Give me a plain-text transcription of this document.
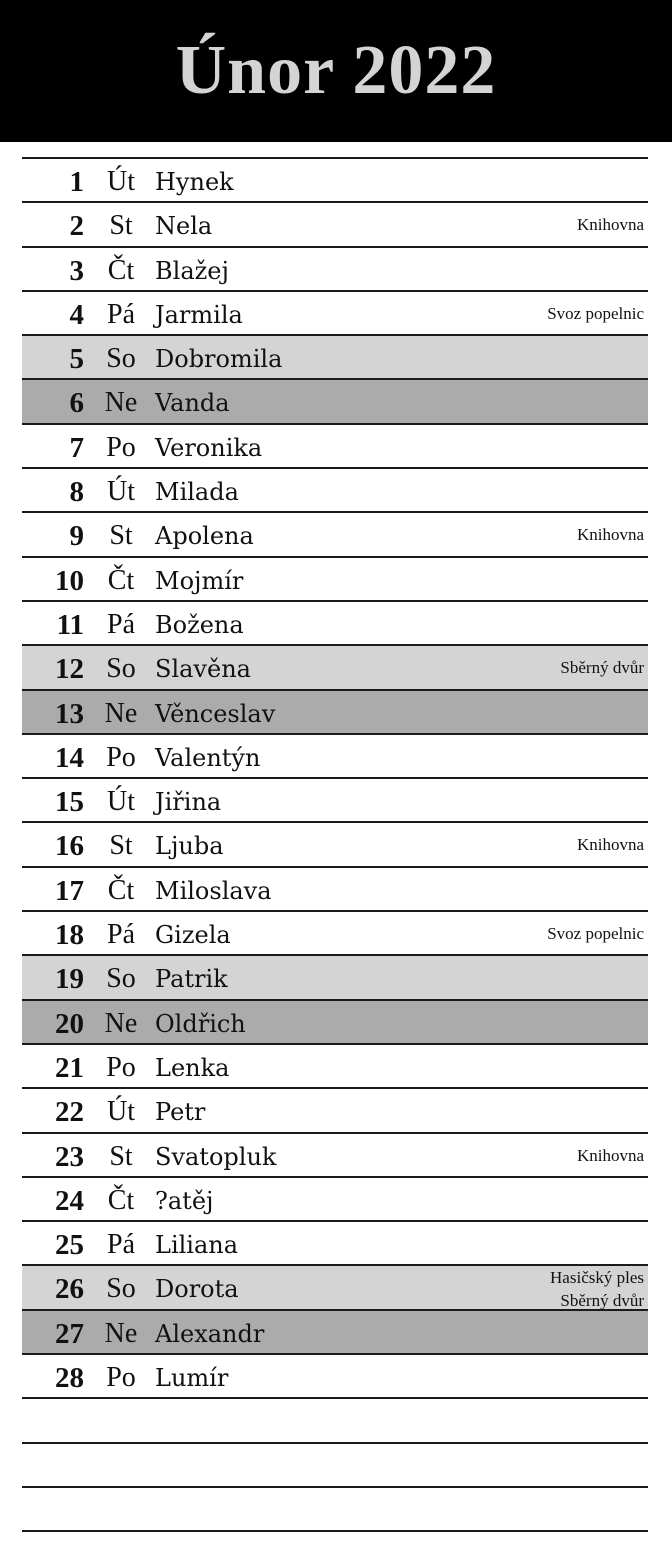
Únor 2022
1 Út Hynek
2 St Nela	Knihovna
3 Čt Blažej
4 Pá Jarmila	Svoz popelnic
5 So Dobromila
6 Ne Vanda
7 Po Veronika
8 Út Milada
9 St Apolena	Knihovna
10 Čt Mojmír
11 Pá Božena
12 So Slavěna	Sběrný dvůr
13 Ne Věnceslav
14 Po Valentýn
15 Út Jiřina
16 St Ljuba	Knihovna
17 Čt Miloslava
18 Pá Gizela	Svoz popelnic
19 So Patrik
20 Ne Oldřich
21 Po Lenka
22 Út Petr
23 St Svatopluk	Knihovna
24 Čt ?atěj
25 Pá Liliana
26 So Dorota	Hasičský ples
Sběrný dvůr
27 Ne Alexandr
28 Po Lumír
